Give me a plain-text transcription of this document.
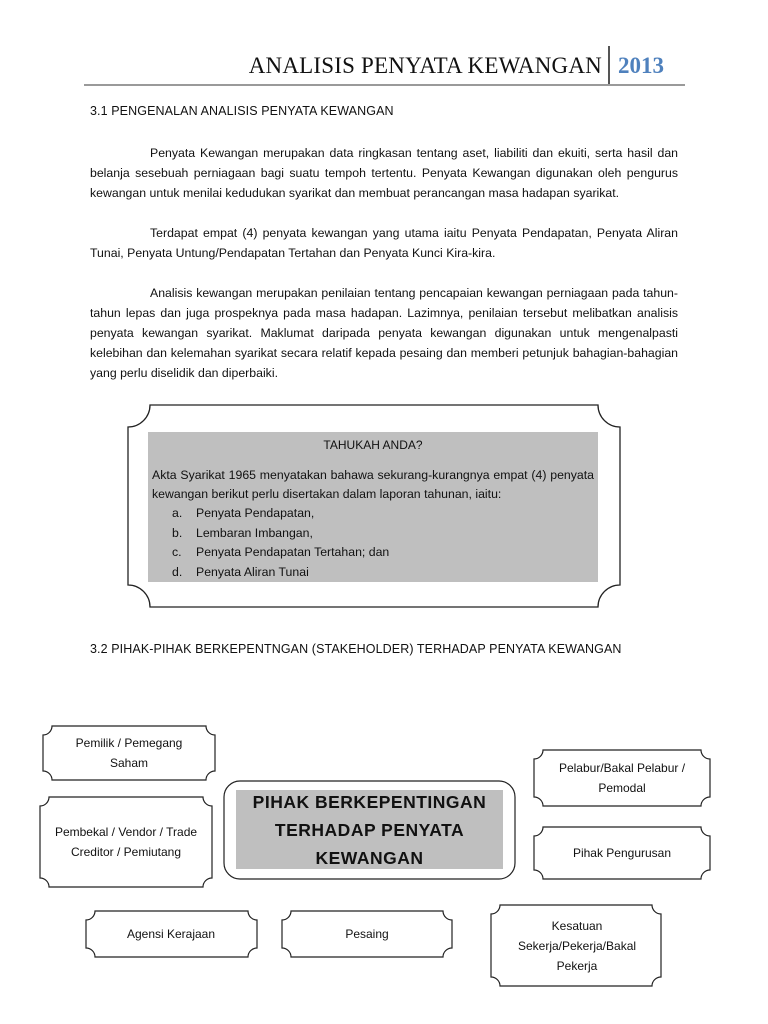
ANALISIS PENYATA KEWANGAN 2013
3.1 PENGENALAN ANALISIS PENYATA KEWANGAN

Penyata Kewangan merupakan data ringkasan tentang aset, liabiliti dan ekuiti, serta hasil dan belanja sesebuah perniagaan bagi suatu tempoh tertentu. Penyata Kewangan digunakan oleh pengurus kewangan untuk menilai kedudukan syarikat dan membuat perancangan masa hadapan syarikat.

Terdapat empat (4) penyata kewangan yang utama iaitu Penyata Pendapatan, Penyata Aliran Tunai, Penyata Untung/Pendapatan Tertahan dan Penyata Kunci Kira-kira.

Analisis kewangan merupakan penilaian tentang pencapaian kewangan perniagaan pada tahun-tahun lepas dan juga prospeknya pada masa hadapan. Lazimnya, penilaian tersebut melibatkan analisis penyata kewangan syarikat. Maklumat daripada penyata kewangan digunakan untuk mengenalpasti kelebihan dan kelemahan syarikat secara relatif kepada pesaing dan memberi petunjuk bahagian-bahagian yang perlu diselidik dan diperbaiki.

TAHUKAH ANDA?
Akta Syarikat 1965 menyatakan bahawa sekurang-kurangnya empat (4) penyata kewangan berikut perlu disertakan dalam laporan tahunan, iaitu:
a.	Penyata Pendapatan,
b.	Lembaran Imbangan,
c.	Penyata Pendapatan Tertahan; dan
d.	Penyata Aliran Tunai
3.2 PIHAK-PIHAK BERKEPENTNGAN (STAKEHOLDER) TERHADAP PENYATA KEWANGAN
Pemilik / Pemegang Saham
Pembekal / Vendor / Trade Creditor / Pemiutang
Pelabur/Bakal Pelabur / Pemodal
Pihak Pengurusan
Agensi Kerajaan	Pesaing
Kesatuan Sekerja/Pekerja/Bakal Pekerja
PIHAK BERKEPENTINGAN TERHADAP PENYATA KEWANGAN
